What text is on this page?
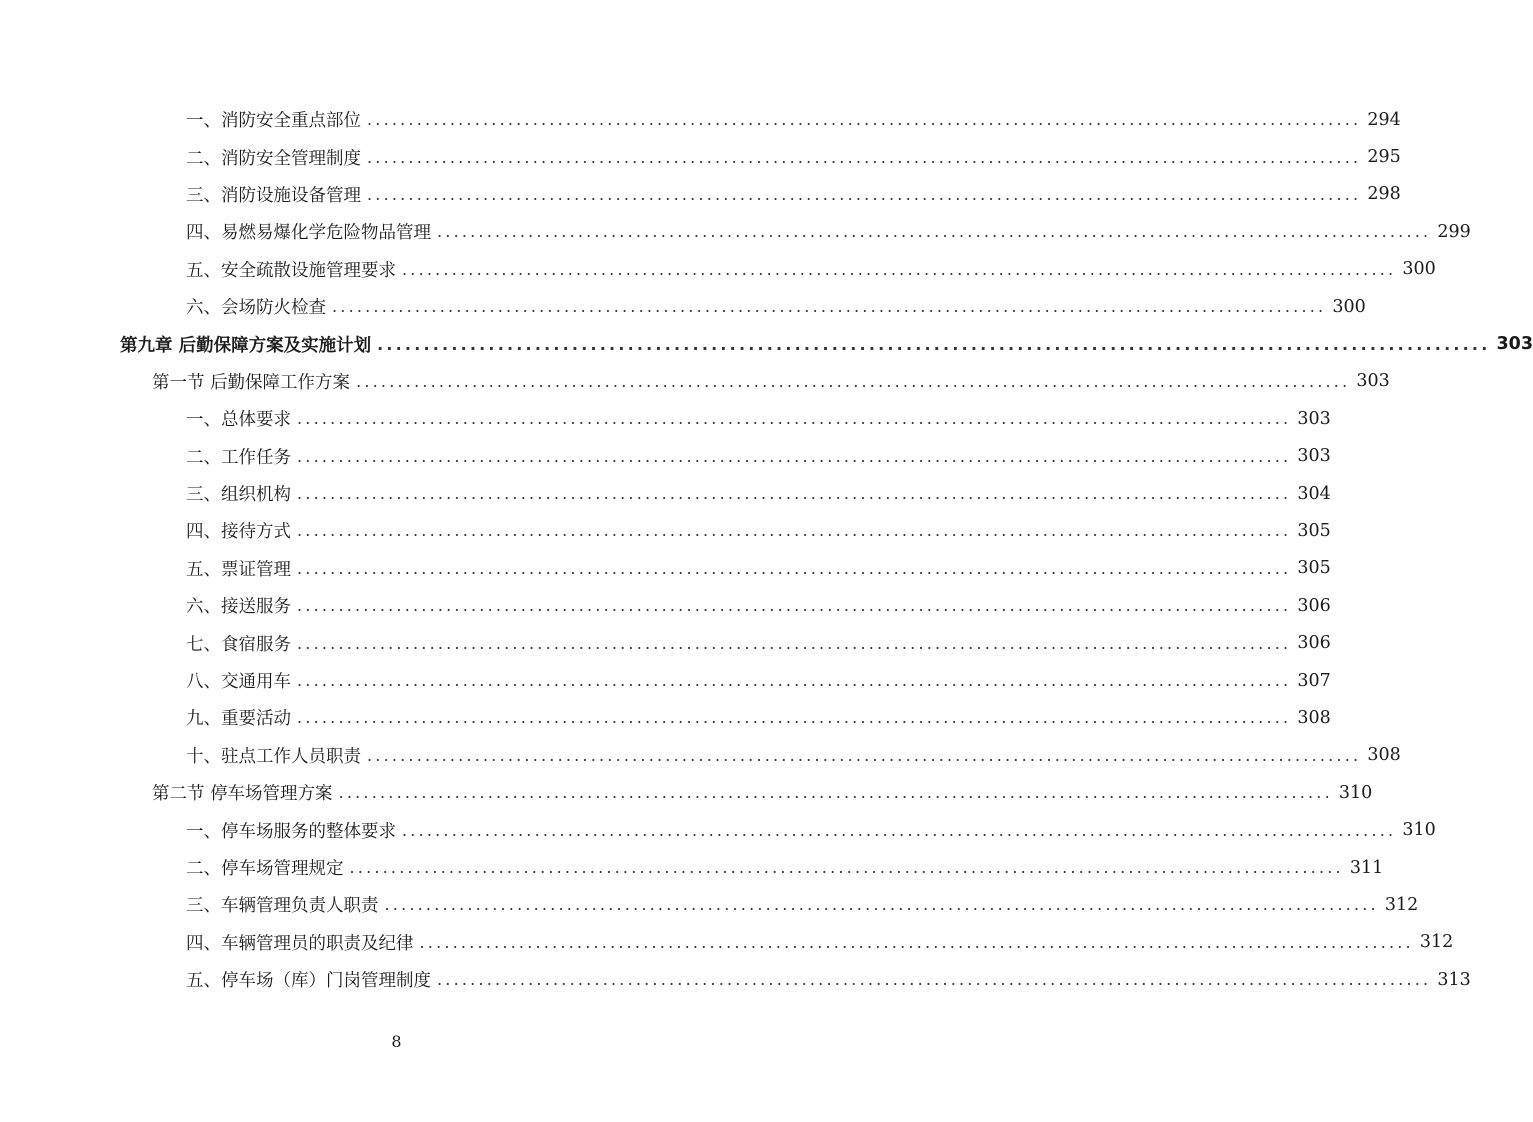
一、消防安全重点部位 ........................................................................................................................ 294
二、消防安全管理制度 ........................................................................................................................ 295
三、消防设施设备管理 ........................................................................................................................ 298
四、易燃易爆化学危险物品管理 ........................................................................................................................ 299
五、安全疏散设施管理要求 ........................................................................................................................ 300
六、会场防火检查 ........................................................................................................................ 300
第九章 后勤保障方案及实施计划 ........................................................................................................................ 303
第一节 后勤保障工作方案 ........................................................................................................................ 303
一、总体要求 ........................................................................................................................ 303
二、工作任务 ........................................................................................................................ 303
三、组织机构 ........................................................................................................................ 304
四、接待方式 ........................................................................................................................ 305
五、票证管理 ........................................................................................................................ 305
六、接送服务 ........................................................................................................................ 306
七、食宿服务 ........................................................................................................................ 306
八、交通用车 ........................................................................................................................ 307
九、重要活动 ........................................................................................................................ 308
十、驻点工作人员职责 ........................................................................................................................ 308
第二节 停车场管理方案 ........................................................................................................................ 310
一、停车场服务的整体要求 ........................................................................................................................ 310
二、停车场管理规定 ........................................................................................................................ 311
三、车辆管理负责人职责 ........................................................................................................................ 312
四、车辆管理员的职责及纪律 ........................................................................................................................ 312
五、停车场（库）门岗管理制度 ........................................................................................................................ 313
8
